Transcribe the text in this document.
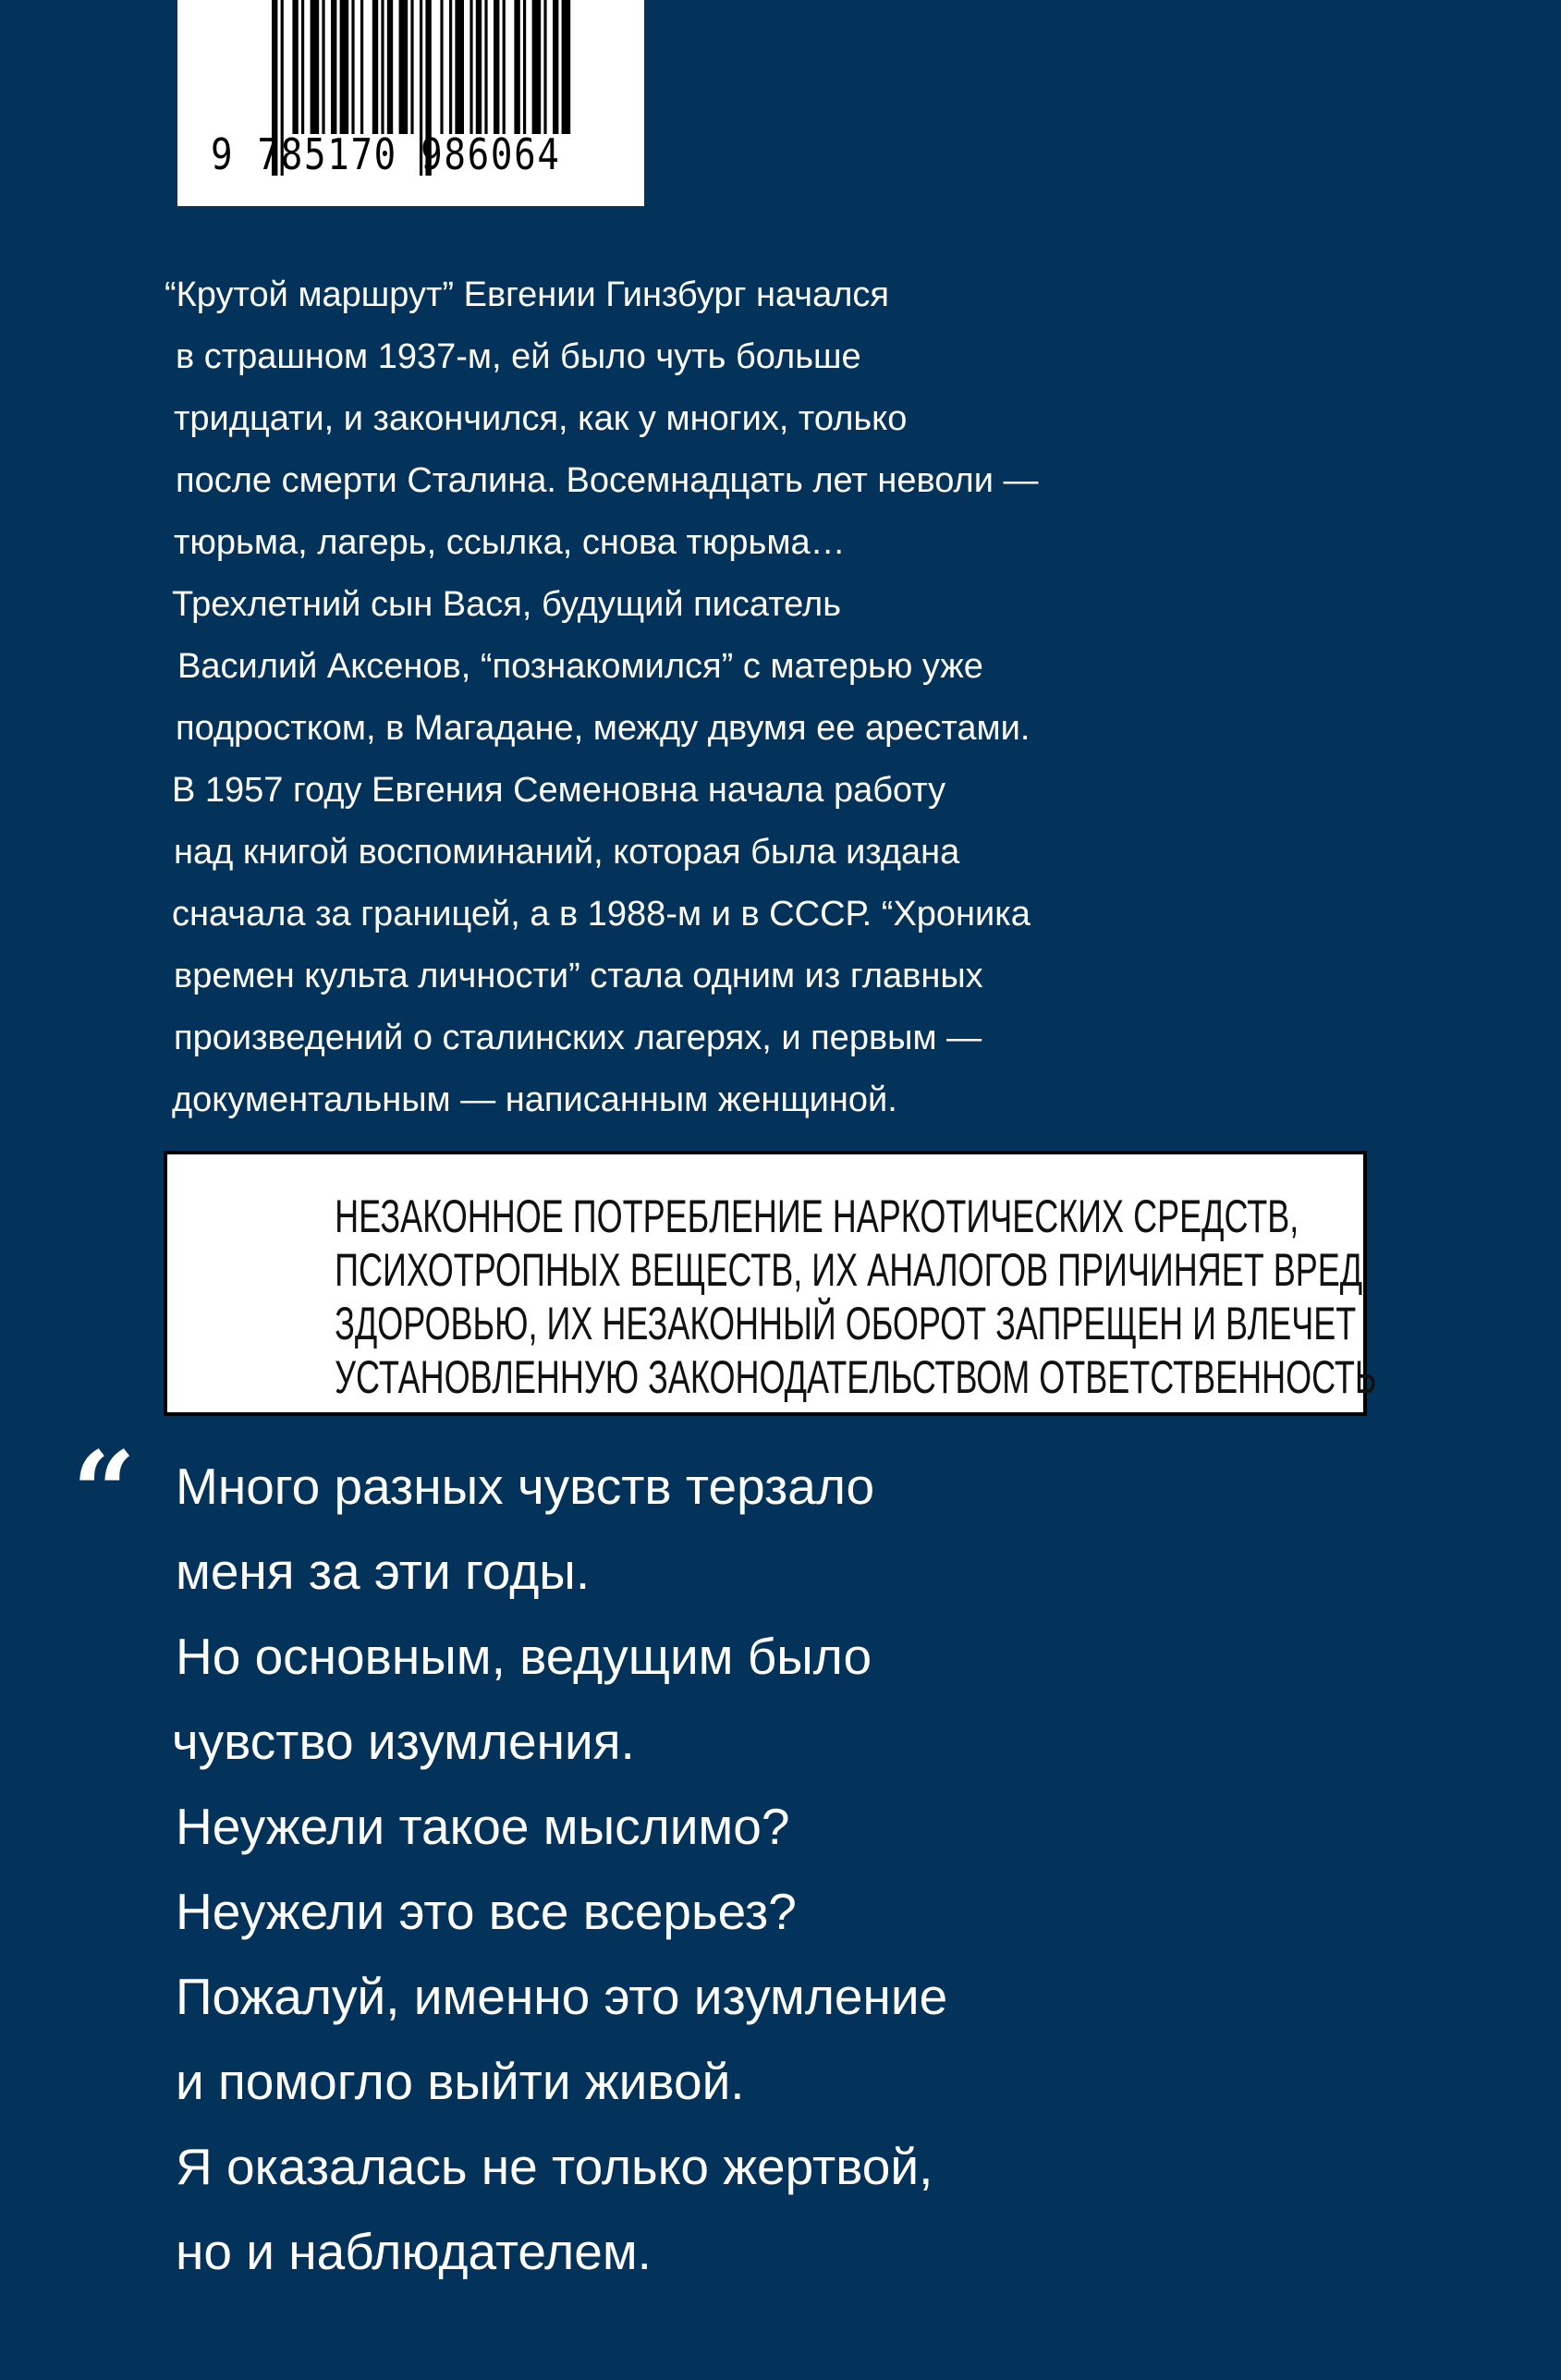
9 785170 986064
“Крутой маршрут” Евгении Гинзбург начался
в страшном 1937-м, ей было чуть больше
тридцати, и закончился, как у многих, только
после смерти Сталина. Восемнадцать лет неволи —
тюрьма, лагерь, ссылка, снова тюрьма…
Трехлетний сын Вася, будущий писатель
Василий Аксенов, “познакомился” с матерью уже
подростком, в Магадане, между двумя ее арестами.
В 1957 году Евгения Семеновна начала работу
над книгой воспоминаний, которая была издана
сначала за границей, а в 1988-м и в СССР. “Хроника
времен культа личности” стала одним из главных
произведений о сталинских лагерях, и первым —
документальным — написанным женщиной.
НЕЗАКОННОЕ ПОТРЕБЛЕНИЕ НАРКОТИЧЕСКИХ СРЕДСТВ,
ПСИХОТРОПНЫХ ВЕЩЕСТВ, ИХ АНАЛОГОВ ПРИЧИНЯЕТ ВРЕД
ЗДОРОВЬЮ, ИХ НЕЗАКОННЫЙ ОБОРОТ ЗАПРЕЩЕН И ВЛЕЧЕТ
УСТАНОВЛЕННУЮ ЗАКОНОДАТЕЛЬСТВОМ ОТВЕТСТВЕННОСТЬ
“ Много разных чувств терзало
меня за эти годы.
Но основным, ведущим было
чувство изумления.
Неужели такое мыслимо?
Неужели это все всерьез?
Пожалуй, именно это изумление
и помогло выйти живой.
Я оказалась не только жертвой,
но и наблюдателем.
